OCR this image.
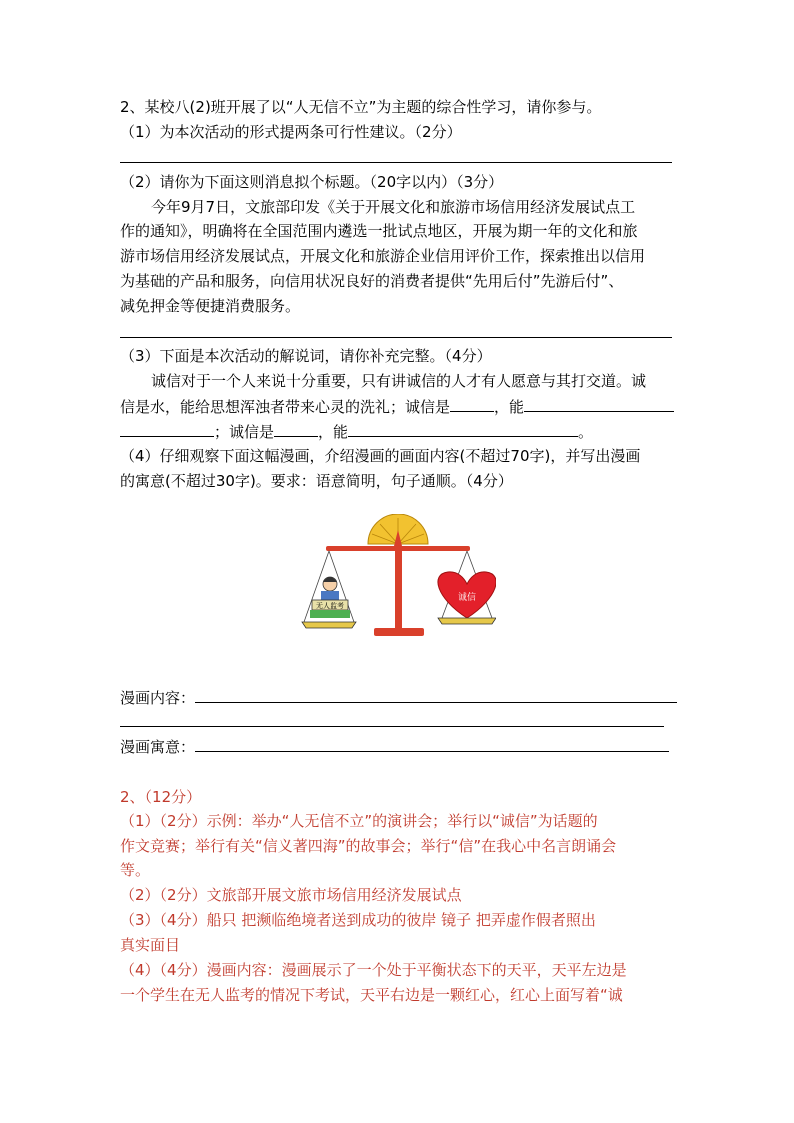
2、某校八(2)班开展了以“人无信不立”为主题的综合性学习，请你参与。
（1）为本次活动的形式提两条可行性建议。（2分）
（2）请你为下面这则消息拟个标题。（20字以内）（3分）
今年9月7日，文旅部印发《关于开展文化和旅游市场信用经济发展试点工
作的通知》，明确将在全国范围内遴选一批试点地区，开展为期一年的文化和旅
游市场信用经济发展试点，开展文化和旅游企业信用评价工作，探索推出以信用
为基础的产品和服务，向信用状况良好的消费者提供“先用后付”先游后付”、
减免押金等便捷消费服务。
（3）下面是本次活动的解说词，请你补充完整。（4分）
诚信对于一个人来说十分重要，只有讲诚信的人才有人愿意与其打交道。诚
信是水，能给思想浑浊者带来心灵的洗礼；诚信是	，能
；诚信是	，能	。
（4）仔细观察下面这幅漫画，介绍漫画的画面内容(不超过70字)，并写出漫画
的寓意(不超过30字)。要求：语意简明，句子通顺。（4分）
无人监考
诚信
漫画内容：
漫画寓意：
2、（12分）
（1）（2分）示例：举办“人无信不立”的演讲会；举行以“诚信”为话题的
作文竞赛；举行有关“信义著四海”的故事会；举行“信”在我心中名言朗诵会
等。
（2）（2分）文旅部开展文旅市场信用经济发展试点
（3）（4分）船只 把濒临绝境者送到成功的彼岸 镜子 把弄虚作假者照出
真实面目
（4）（4分）漫画内容：漫画展示了一个处于平衡状态下的天平，天平左边是
一个学生在无人监考的情况下考试，天平右边是一颗红心，红心上面写着“诚
